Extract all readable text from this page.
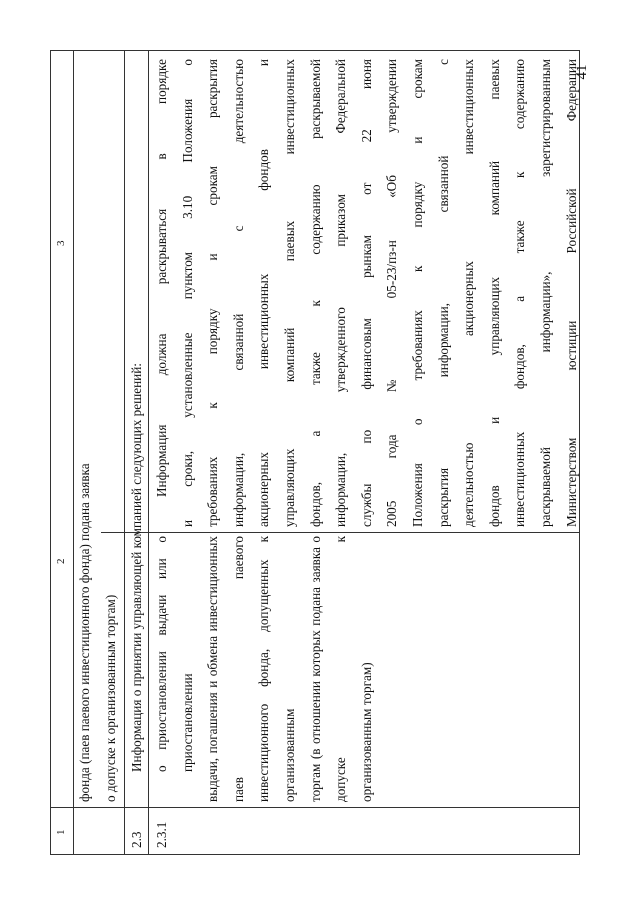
1
2
3
фонда (паев паевого инвестиционного фонда) подана заявка о допуске к организованным торгам)
2.3
Информация о принятии управляющей компанией следующих решений:
2.3.1
о приостановлении выдачи или о приостановлении выдачи, погашения и обмена инвестиционных паев паевого инвестиционного фонда, допущенных к организованным торгам (в отношении которых подана заявка о допуске к организованным торгам)
Информация должна раскрываться в порядке и сроки, установленные пунктом 3.10 Положения о требованиях к порядку и срокам раскрытия информации, связанной с деятельностью акционерных инвестиционных фондов и управляющих компаний паевых инвестиционных фондов, а также к содержанию раскрываемой информации, утвержденного приказом Федеральной службы по финансовым рынкам от 22 июня 2005 года № 05-23/пз-н «Об утверждении Положения о требованиях к порядку и срокам раскрытия информации, связанной с деятельностью акционерных инвестиционных фондов и управляющих компаний паевых инвестиционных фондов, а также к содержанию раскрываемой информации», зарегистрированным Министерством юстиции Российской Федерации
41
